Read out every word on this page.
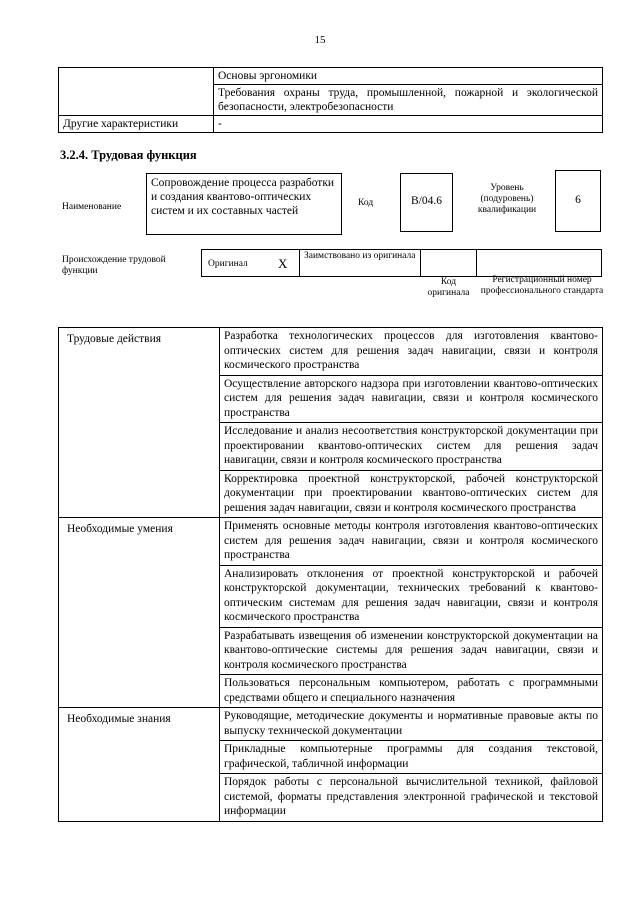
15
	Основы эргономики
	Требования охраны труда, промышленной, пожарной и экологической безопасности, электробезопасности
Другие характеристики	-
3.2.4. Трудовая функция
Наименование
Сопровождение процесса разработки и создания квантово-оптических систем и их составных частей
Код	B/04.6
Уровень (подуровень) квалификации
6
Происхождение трудовой функции
Оригинал X	Заимствовано из оригинала
Код оригинала
Регистрационный номер профессионального стандарта
Трудовые действия	Разработка технологических процессов для изготовления квантово-оптических систем для решения задач навигации, связи и контроля космического пространства
	Осуществление авторского надзора при изготовлении квантово-оптических систем для решения задач навигации, связи и контроля космического пространства
	Исследование и анализ несоответствия конструкторской документации при проектировании квантово-оптических систем для решения задач навигации, связи и контроля космического пространства
	Корректировка проектной конструкторской, рабочей конструкторской документации при проектировании квантово-оптических систем для решения задач навигации, связи и контроля космического пространства
Необходимые умения	Применять основные методы контроля изготовления квантово-оптических систем для решения задач навигации, связи и контроля космического пространства
	Анализировать отклонения от проектной конструкторской и рабочей конструкторской документации, технических требований к квантово-оптическим системам для решения задач навигации, связи и контроля космического пространства
	Разрабатывать извещения об изменении конструкторской документации на квантово-оптические системы для решения задач навигации, связи и контроля космического пространства
	Пользоваться персональным компьютером, работать с программными средствами общего и специального назначения
Необходимые знания	Руководящие, методические документы и нормативные правовые акты по выпуску технической документации
	Прикладные компьютерные программы для создания текстовой, графической, табличной информации
	Порядок работы с персональной вычислительной техникой, файловой системой, форматы представления электронной графической и текстовой информации
